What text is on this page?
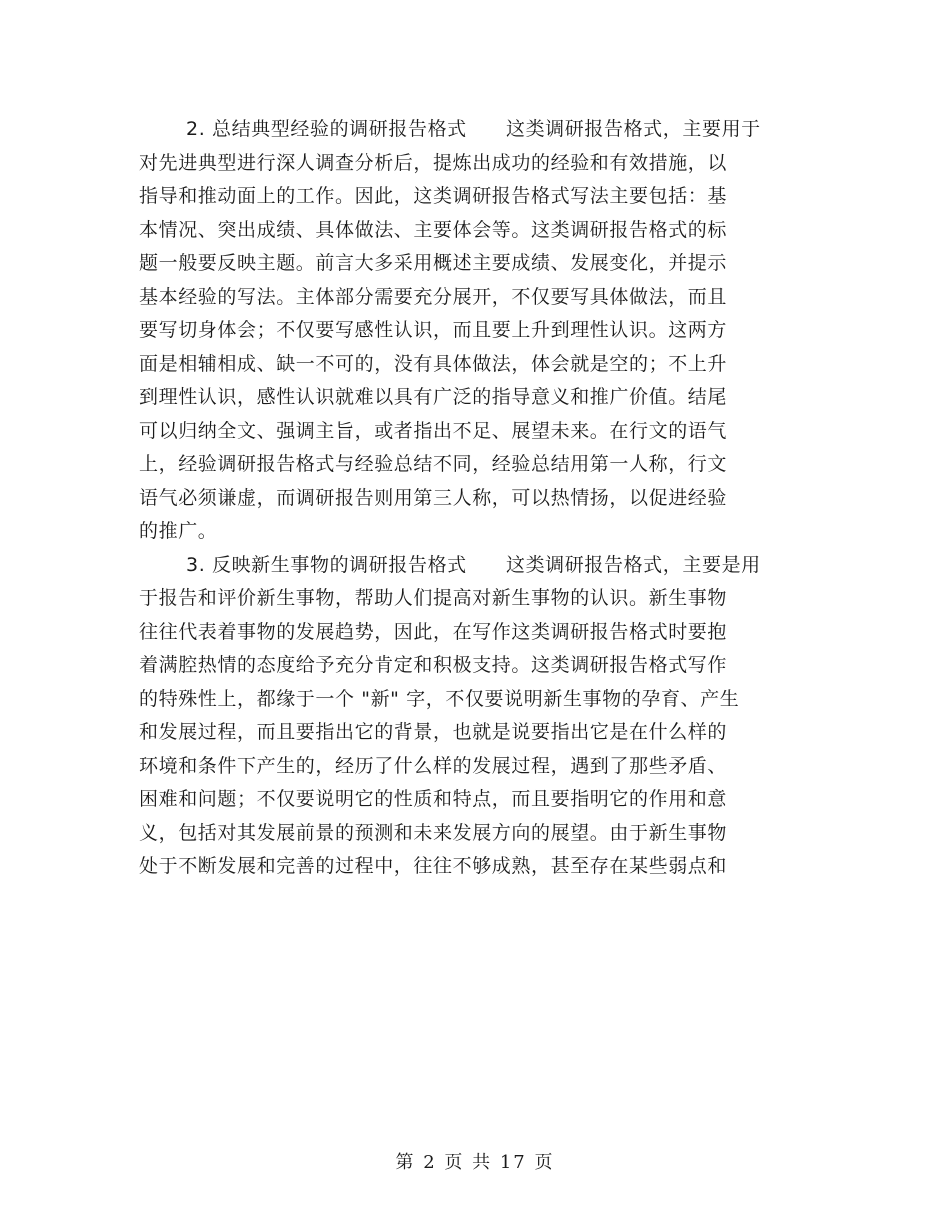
2. 总结典型经验的调研报告格式　　这类调研报告格式，主要用于
对先进典型进行深人调查分析后，提炼出成功的经验和有效措施，以
指导和推动面上的工作。因此，这类调研报告格式写法主要包括：基
本情况、突出成绩、具体做法、主要体会等。这类调研报告格式的标
题一般要反映主题。前言大多采用概述主要成绩、发展变化，并提示
基本经验的写法。主体部分需要充分展开，不仅要写具体做法，而且
要写切身体会；不仅要写感性认识，而且要上升到理性认识。这两方
面是相辅相成、缺一不可的，没有具体做法，体会就是空的；不上升
到理性认识，感性认识就难以具有广泛的指导意义和推广价值。结尾
可以归纳全文、强调主旨，或者指出不足、展望未来。在行文的语气
上，经验调研报告格式与经验总结不同，经验总结用第一人称，行文
语气必须谦虚，而调研报告则用第三人称，可以热情扬，以促进经验
的推广。
3. 反映新生事物的调研报告格式　　这类调研报告格式，主要是用
于报告和评价新生事物，帮助人们提高对新生事物的认识。新生事物
往往代表着事物的发展趋势，因此，在写作这类调研报告格式时要抱
着满腔热情的态度给予充分肯定和积极支持。这类调研报告格式写作
的特殊性上，都缘于一个 "新" 字，不仅要说明新生事物的孕育、产生
和发展过程，而且要指出它的背景，也就是说要指出它是在什么样的
环境和条件下产生的，经历了什么样的发展过程，遇到了那些矛盾、
困难和问题；不仅要说明它的性质和特点，而且要指明它的作用和意
义，包括对其发展前景的预测和未来发展方向的展望。由于新生事物
处于不断发展和完善的过程中，往往不够成熟，甚至存在某些弱点和
第 2 页 共 17 页
